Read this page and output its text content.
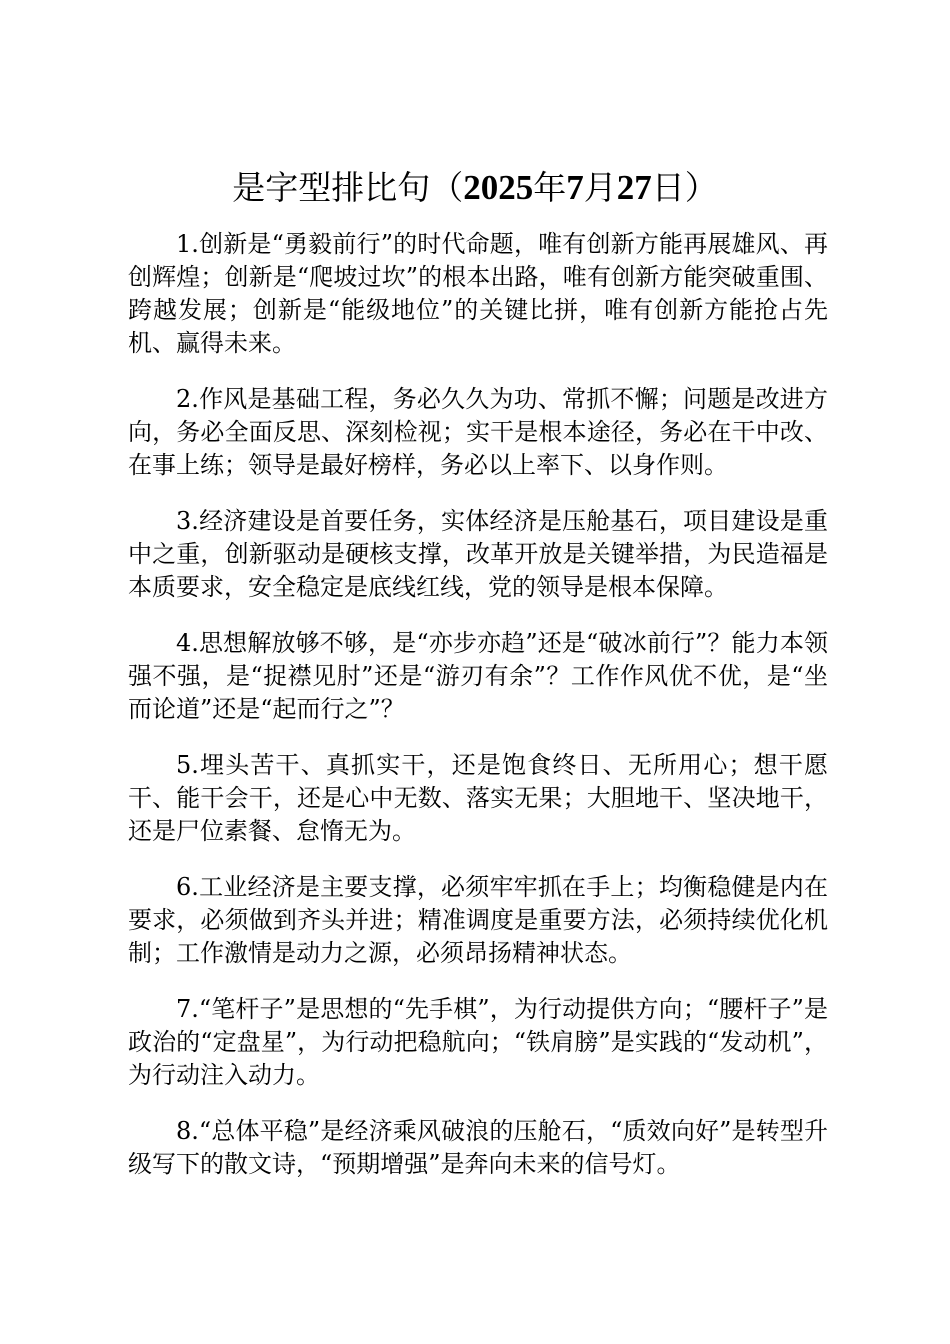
是字型排比句（2025年7月27日）

1.创新是“勇毅前行”的时代命题，唯有创新方能再展雄风、再创辉煌；创新是“爬坡过坎”的根本出路，唯有创新方能突破重围、跨越发展；创新是“能级地位”的关键比拼，唯有创新方能抢占先机、赢得未来。

2.作风是基础工程，务必久久为功、常抓不懈；问题是改进方向，务必全面反思、深刻检视；实干是根本途径，务必在干中改、在事上练；领导是最好榜样，务必以上率下、以身作则。

3.经济建设是首要任务，实体经济是压舱基石，项目建设是重中之重，创新驱动是硬核支撑，改革开放是关键举措，为民造福是本质要求，安全稳定是底线红线，党的领导是根本保障。

4.思想解放够不够，是“亦步亦趋”还是“破冰前行”？能力本领强不强，是“捉襟见肘”还是“游刃有余”？工作作风优不优，是“坐而论道”还是“起而行之”？

5.埋头苦干、真抓实干，还是饱食终日、无所用心；想干愿干、能干会干，还是心中无数、落实无果；大胆地干、坚决地干，还是尸位素餐、怠惰无为。

6.工业经济是主要支撑，必须牢牢抓在手上；均衡稳健是内在要求，必须做到齐头并进；精准调度是重要方法，必须持续优化机制；工作激情是动力之源，必须昂扬精神状态。

7.“笔杆子”是思想的“先手棋”，为行动提供方向；“腰杆子”是政治的“定盘星”，为行动把稳航向；“铁肩膀”是实践的“发动机”，为行动注入动力。

8.“总体平稳”是经济乘风破浪的压舱石，“质效向好”是转型升级写下的散文诗，“预期增强”是奔向未来的信号灯。
